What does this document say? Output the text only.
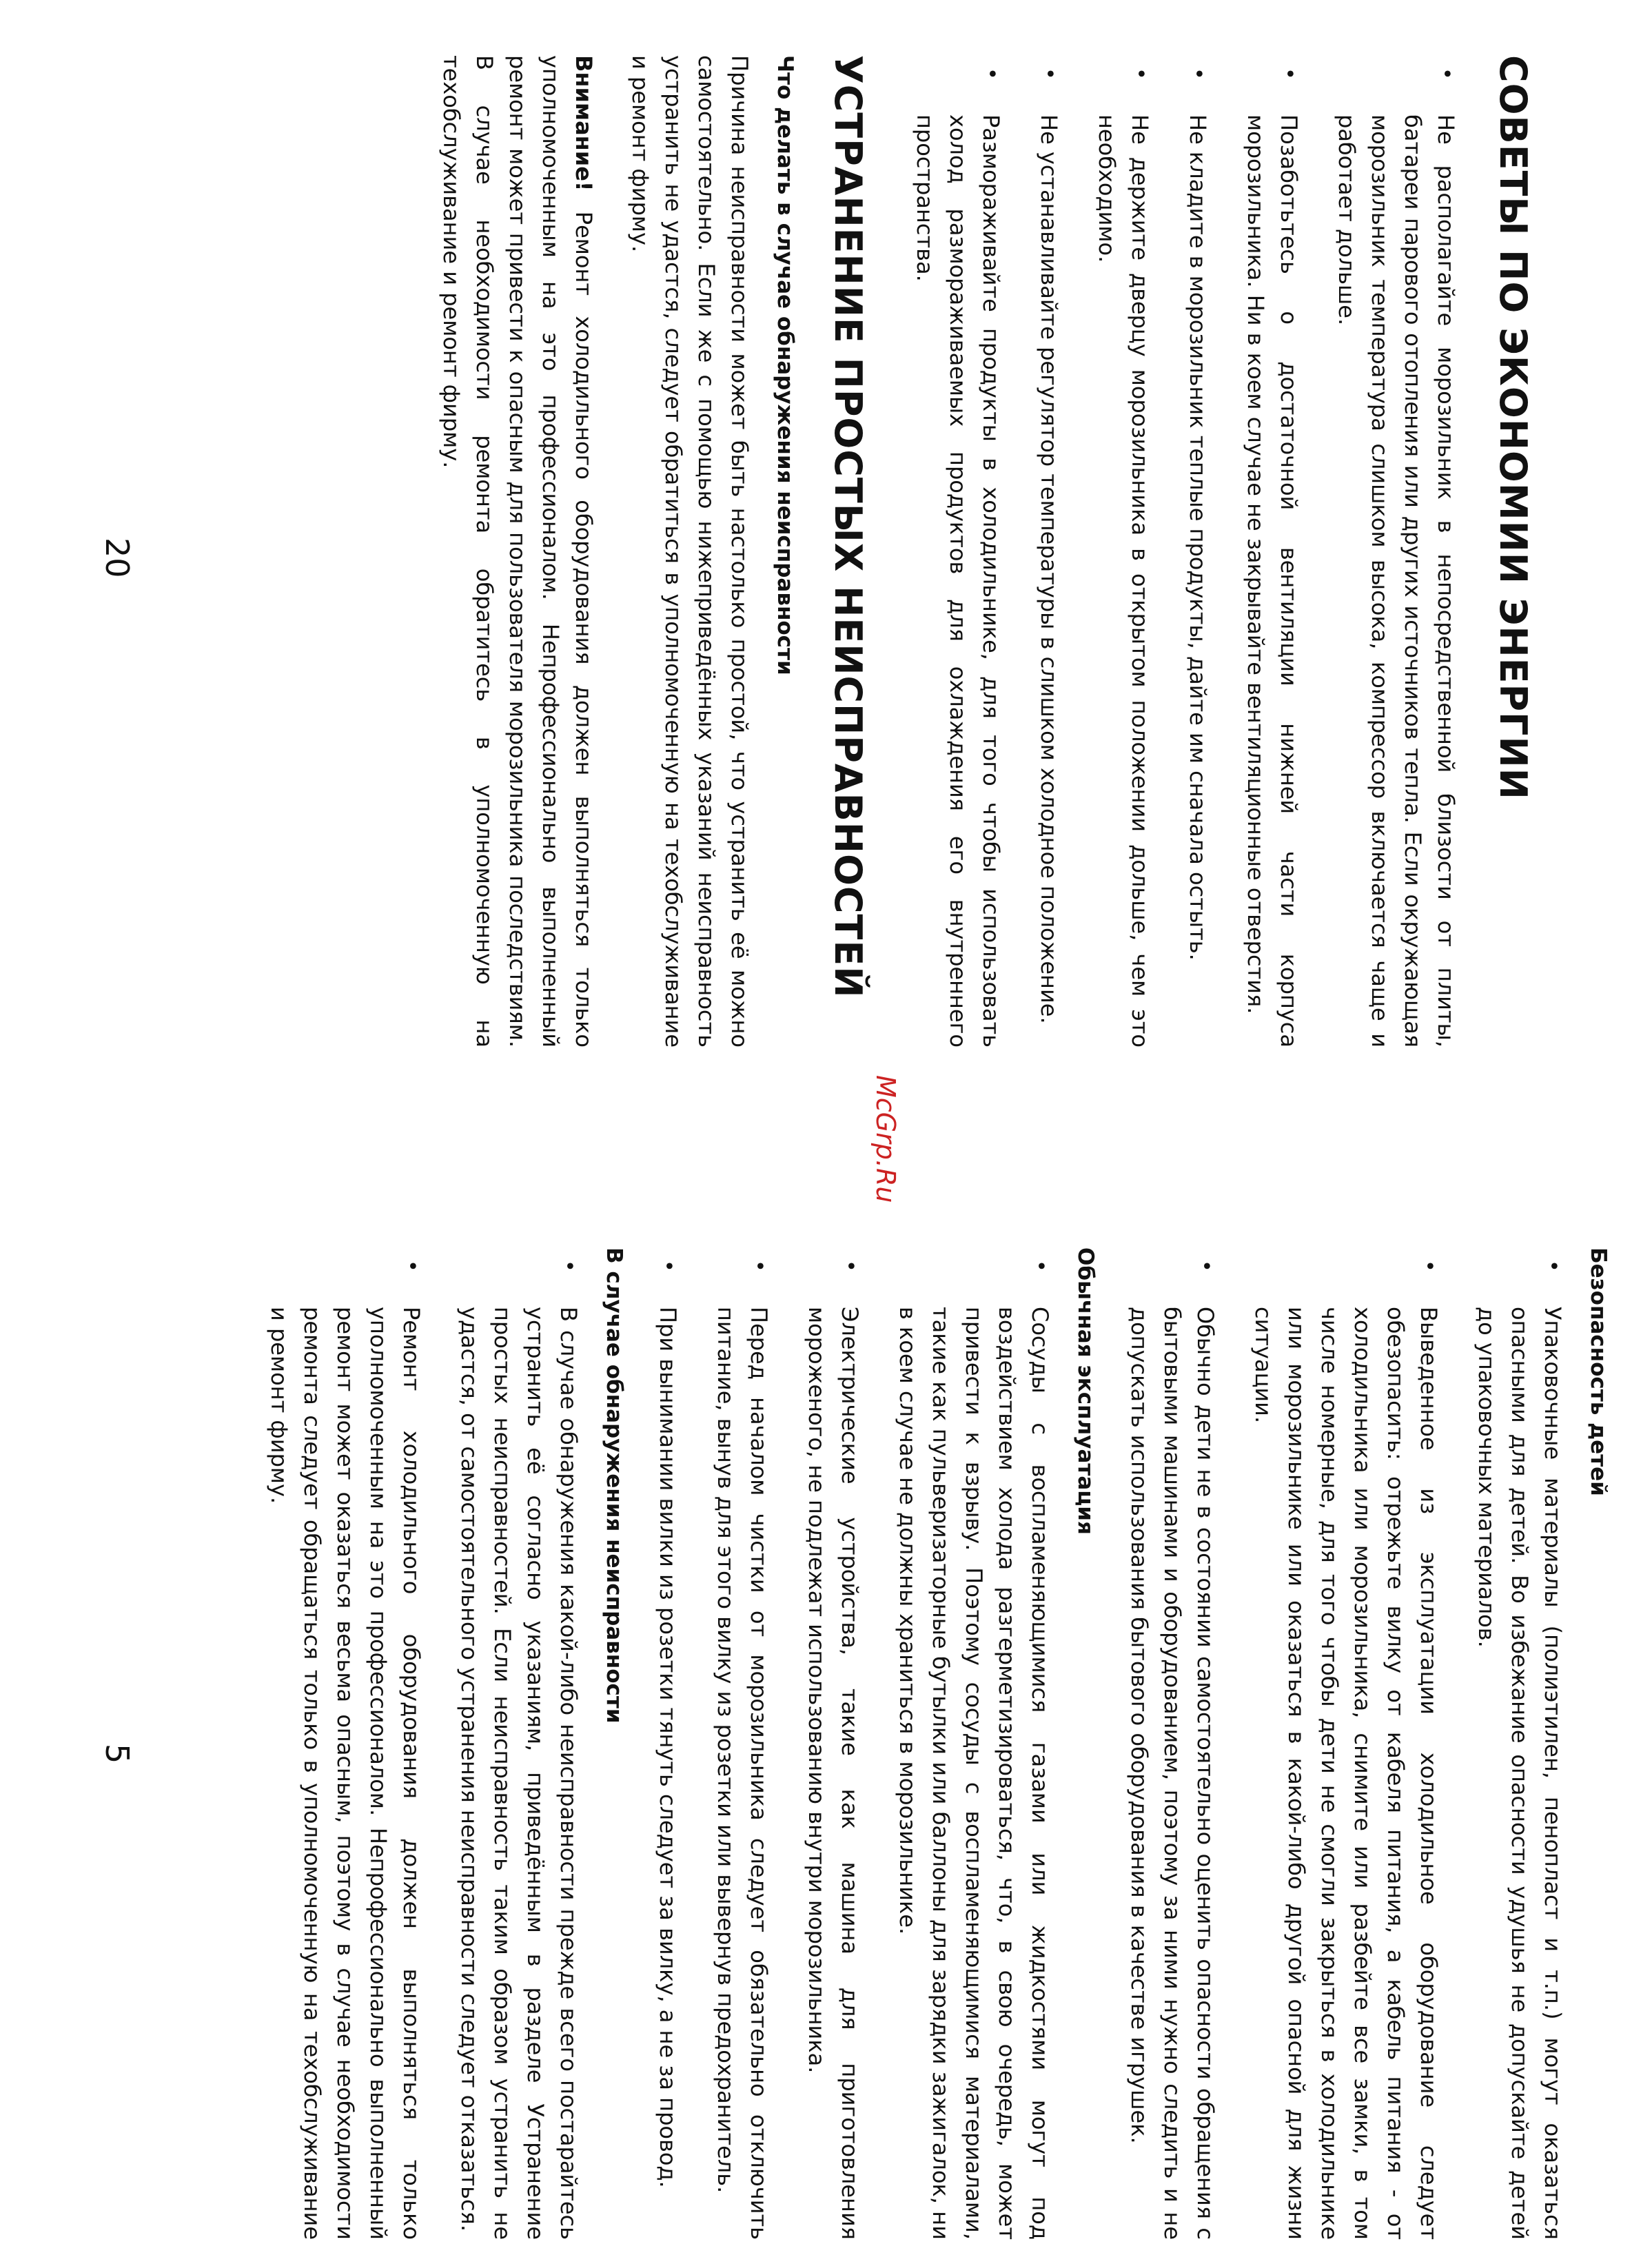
СОВЕТЫ ПО ЭКОНОМИИ ЭНЕРГИИ
• Не располагайте морозильник в непосредственной близости от плиты, батареи парового отопления или других источников тепла. Если окружающая морозильник температура слишком высока, компрессор включается чаще и работает дольше.
• Позаботьтесь о достаточной вентиляции нижней части корпуса морозильника. Ни в коем случае не закрывайте вентиляционные отверстия.
• Не кладите в морозильник теплые продукты, дайте им сначала остыть.
• Не держите дверцу морозильника в открытом положении дольше, чем это необходимо.
• Не устанавливайте регулятор температуры в слишком холодное положение.
• Размораживайте продукты в холодильнике, для того чтобы использовать холод размораживаемых продуктов для охлаждения его внутреннего пространства.
УСТРАНЕНИЕ ПРОСТЫХ НЕИСПРАВНОСТЕЙ
Что делать в случае обнаружения неисправности

Причина неисправности может быть настолько простой, что устранить её можно самостоятельно. Если же с помощью нижеприведённых указаний неисправность устранить не удастся, следует обратиться в уполномоченную на техобслуживание и ремонт фирму.

Внимание! Ремонт холодильного оборудования должен выполняться только уполномоченным на это профессионалом. Непрофессионально выполненный ремонт может привести к опасным для пользователя морозильника последствиям. В случае необходимости ремонта обратитесь в уполномоченную на техобслуживание и ремонт фирму.

20
McGrp.Ru
Безопасность детей
• Упаковочные материалы (полиэтилен, пенопласт и т.п.) могут оказаться опасными для детей. Во избежание опасности удушья не допускайте детей до упаковочных материалов.
• Выведенное из эксплуатации холодильное оборудование следует обезопасить: отрежьте вилку от кабеля питания, а кабель питания - от холодильника или морозильника, снимите или разбейте все замки, в том числе номерные, для того чтобы дети не смогли закрыться в холодильнике или морозильнике или оказаться в какой-либо другой опасной для жизни ситуации.
• Обычно дети не в состоянии самостоятельно оценить опасности обращения с бытовыми машинами и оборудованием, поэтому за ними нужно следить и не допускать использования бытового оборудования в качестве игрушек.
Обычная эксплуатация
• Сосуды с воспламеняющимися газами или жидкостями могут под воздействием холода разгерметизироваться, что, в свою очередь, может привести к взрыву. Поэтому сосуды с воспламеняющимися материалами, такие как пульверизаторные бутылки или баллоны для зарядки зажигалок, ни в коем случае не должны храниться в морозильнике.
• Электрические устройства, такие как машина для приготовления мороженого, не подлежат использованию внутри морозильника.
• Перед началом чистки от морозильника следует обязательно отключить питание, вынув для этого вилку из розетки или вывернув предохранитель.
• При вынимании вилки из розетки тянуть следует за вилку, а не за провод.
В случае обнаружения неисправности
• В случае обнаружения какой-либо неисправности прежде всего постарайтесь устранить её согласно указаниям, приведённым в разделе Устранение простых неисправностей. Если неисправность таким образом устранить не удастся, от самостоятельного устранения неисправности следует отказаться.
• Ремонт холодильного оборудования должен выполняться только уполномоченным на это профессионалом. Непрофессионально выполненный ремонт может оказаться весьма опасным, поэтому в случае необходимости ремонта следует обращаться только в уполномоченную на техобслуживание и ремонт фирму.
5
